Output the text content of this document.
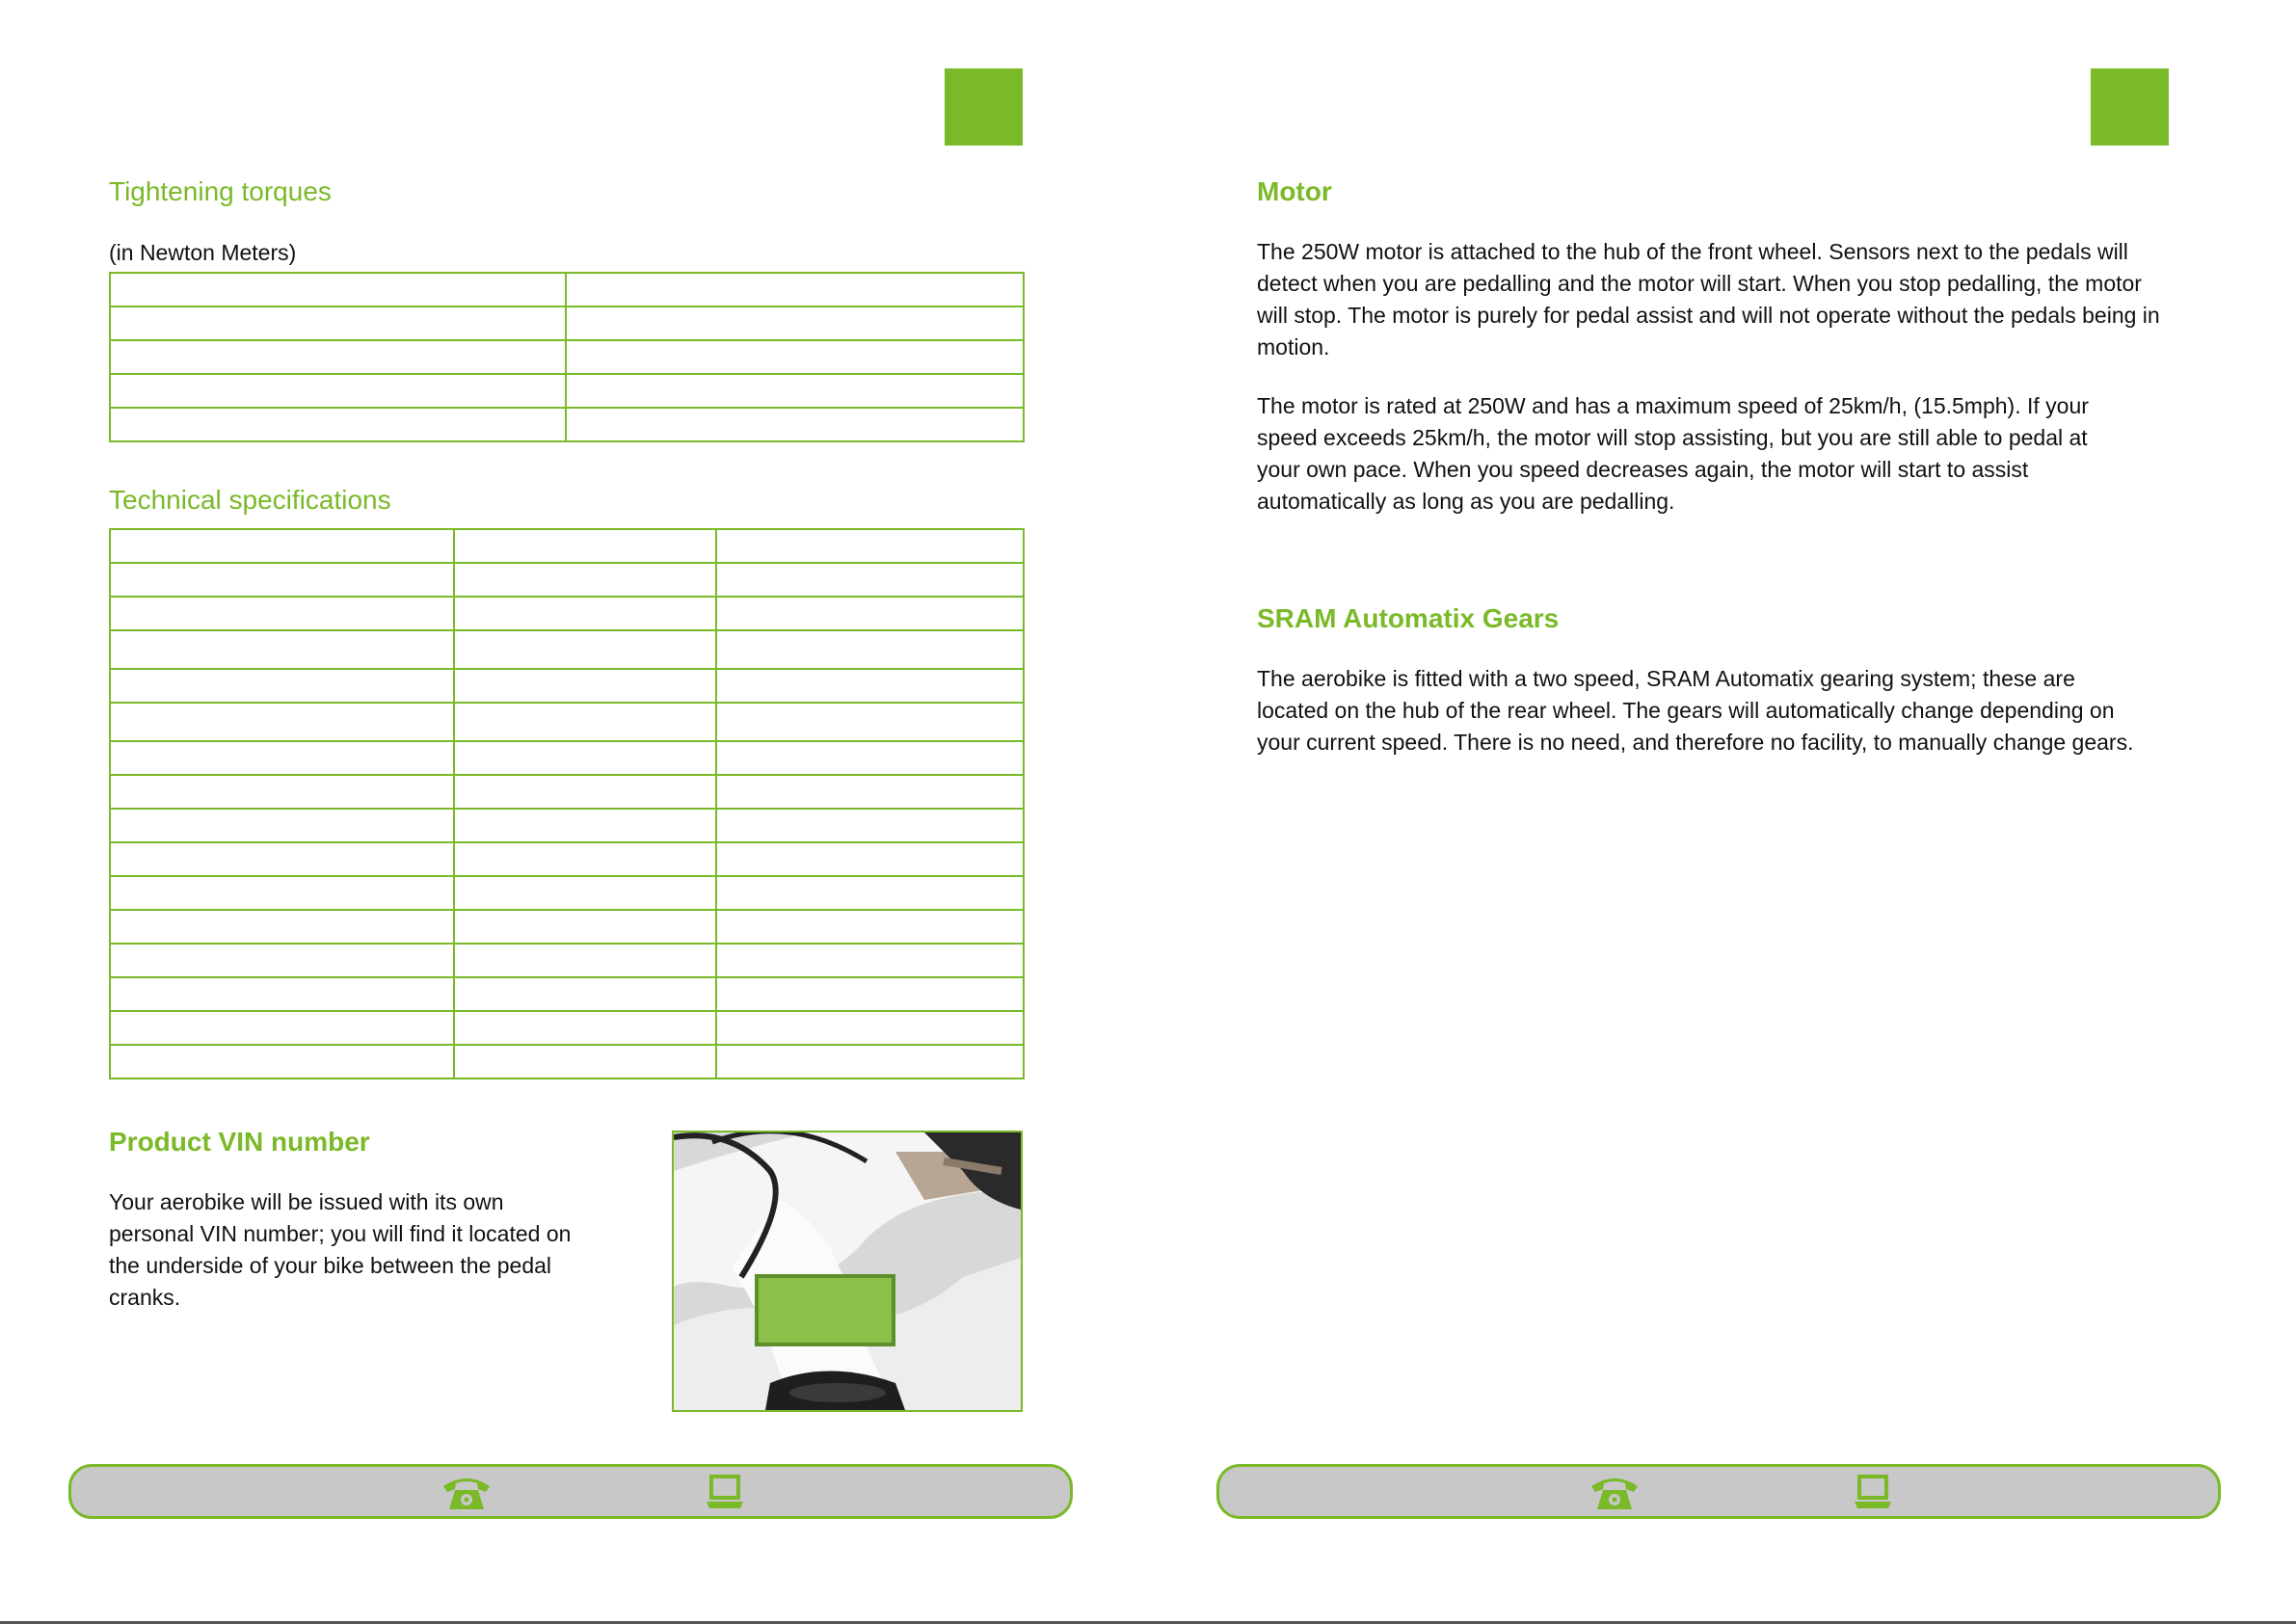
Tightening torques

(in Newton Meters)

Technical specifications

Product VIN number

Your aerobike will be issued with its own personal VIN number; you will find it located on the underside of your bike between the pedal cranks.

Motor

The 250W motor is attached to the hub of the front wheel. Sensors next to the pedals will detect when you are pedalling and the motor will start. When you stop pedalling, the motor will stop. The motor is purely for pedal assist and will not operate without the pedals being in motion.

The motor is rated at 250W and has a maximum speed of 25km/h, (15.5mph). If your speed exceeds 25km/h, the motor will stop assisting, but you are still able to pedal at your own pace. When you speed decreases again, the motor will start to assist automatically as long as you are pedalling.

SRAM Automatix Gears

The aerobike is fitted with a two speed, SRAM Automatix gearing system; these are located on the hub of the rear wheel. The gears will automatically change depending on your current speed. There is no need, and therefore no facility, to manually change gears.
